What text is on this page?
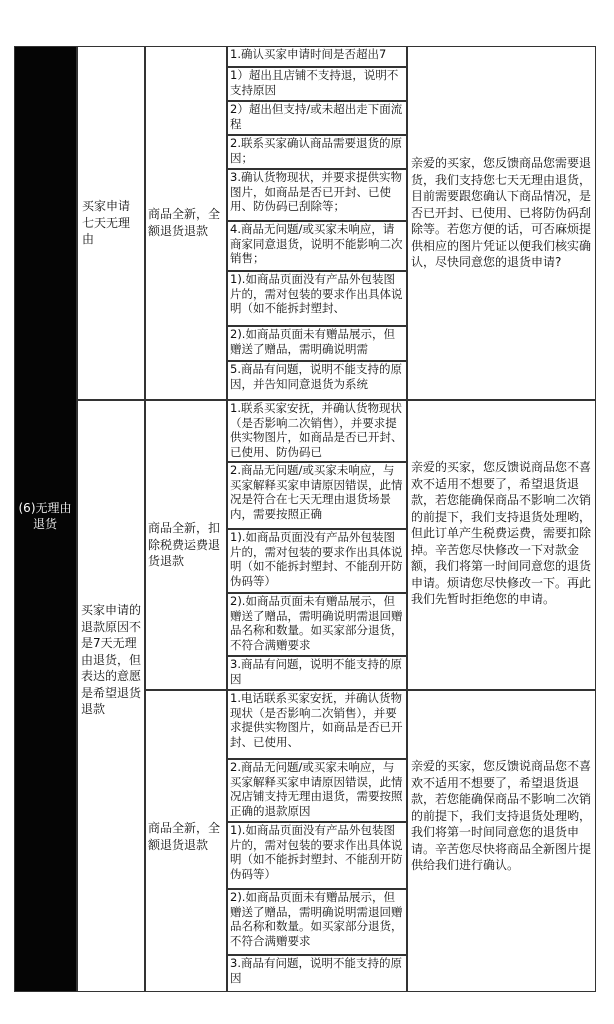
(6)无理由退货
买家申请七天无理由
商品全新，全额退货退款
亲爱的买家，您反馈商品您需要退货，我们支持您七天无理由退货，目前需要跟您确认下商品情况，是否已开封、已使用、已将防伪码刮除等。若您方便的话，可否麻烦提供相应的图片凭证以便我们核实确认，尽快同意您的退货申请?
1.确认买家申请时间是否超出7
1）超出且店铺不支持退，说明不支持原因
2）超出但支持/或未超出走下面流程
2.联系买家确认商品需要退货的原因；
3.确认货物现状，并要求提供实物图片，如商品是否已开封、已使用、防伪码已刮除等；
4.商品无问题/或买家未响应，请商家同意退货，说明不能影响二次销售；
1).如商品页面没有产品外包装图片的，需对包装的要求作出具体说明（如不能拆封塑封、
2).如商品页面未有赠品展示，但赠送了赠品，需明确说明需
5.商品有问题，说明不能支持的原因，并告知同意退货为系统
买家申请的退款原因不是7天无理由退货，但表达的意愿是希望退货退款
商品全新，扣除税费运费退货退款
亲爱的买家，您反馈说商品您不喜欢不适用不想要了，希望退货退款，若您能确保商品不影响二次销的前提下，我们支持退货处理哟，但此订单产生税费运费，需要扣除掉。辛苦您尽快修改一下对款金额，我们将第一时间同意您的退货申请。烦请您尽快修改一下。再此我们先暂时拒绝您的申请。
1.联系买家安抚，并确认货物现状（是否影响二次销售），并要求提供实物图片，如商品是否已开封、已使用、防伪码已
2.商品无问题/或买家未响应，与买家解释买家申请原因错误，此情况是符合在七天无理由退货场景内，需要按照正确
1).如商品页面没有产品外包装图片的，需对包装的要求作出具体说明（如不能拆封塑封、不能刮开防伪码等）
2).如商品页面未有赠品展示，但赠送了赠品，需明确说明需退回赠品名称和数量。如买家部分退货，不符合满赠要求
3.商品有问题，说明不能支持的原因
商品全新，全额退货退款
亲爱的买家，您反馈说商品您不喜欢不适用不想要了，希望退货退款，若您能确保商品不影响二次销的前提下，我们支持退货处理哟，我们将第一时间同意您的退货申请。辛苦您尽快将商品全新图片提供给我们进行确认。
1.电话联系买家安抚，并确认货物现状（是否影响二次销售），并要求提供实物图片，如商品是否已开封、已使用、
2.商品无问题/或买家未响应，与买家解释买家申请原因错误，此情况店铺支持无理由退货，需要按照正确的退款原因
1).如商品页面没有产品外包装图片的，需对包装的要求作出具体说明（如不能拆封塑封、不能刮开防伪码等）
2).如商品页面未有赠品展示，但赠送了赠品，需明确说明需退回赠品名称和数量。如买家部分退货，不符合满赠要求
3.商品有问题，说明不能支持的原因
